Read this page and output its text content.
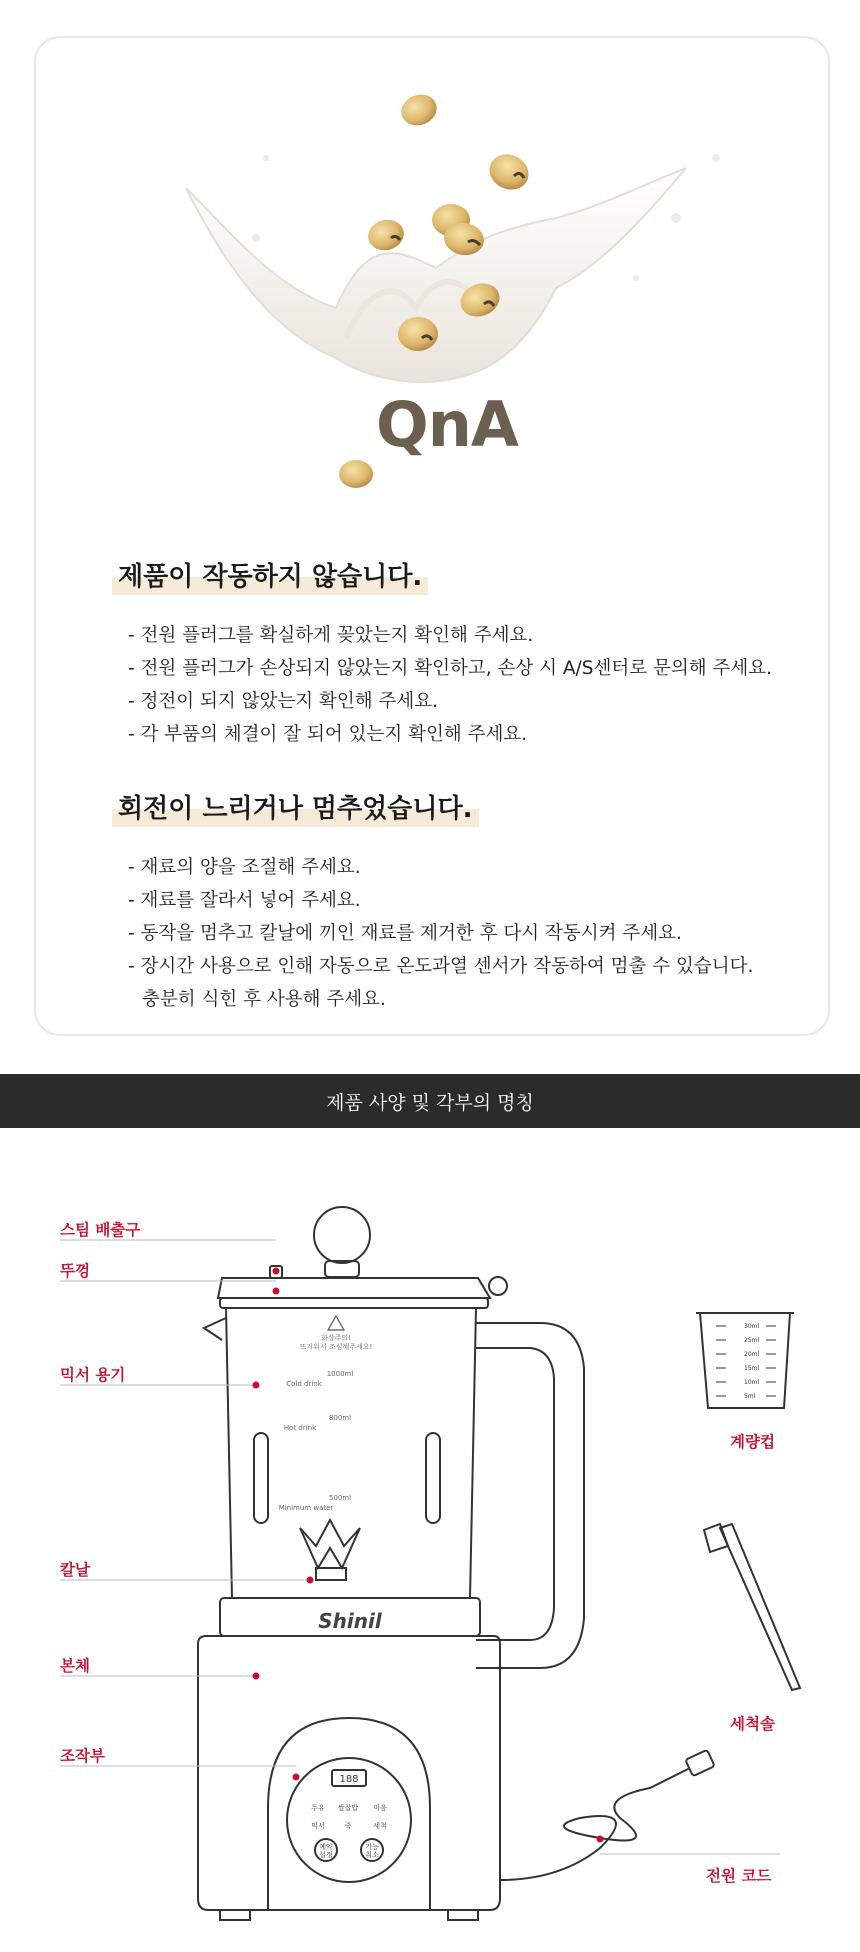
QnA
제품이 작동하지 않습니다.
- 전원 플러그를 확실하게 꽂았는지 확인해 주세요.
- 전원 플러그가 손상되지 않았는지 확인하고, 손상 시 A/S센터로 문의해 주세요.
- 정전이 되지 않았는지 확인해 주세요.
- 각 부품의 체결이 잘 되어 있는지 확인해 주세요.
회전이 느리거나 멈추었습니다.
- 재료의 양을 조절해 주세요.
- 재료를 잘라서 넣어 주세요.
- 동작을 멈추고 칼날에 끼인 재료를 제거한 후 다시 작동시켜 주세요.
- 장시간 사용으로 인해 자동으로 온도과열 센서가 작동하여 멈출 수 있습니다.
충분히 식힌 후 사용해 주세요.
제품 사양 및 각부의 명칭
30ml
25ml
20ml
15ml
10ml
5ml
화상주의!
뜨거워서 조심해주세요!
1000ml
Cold drink
800ml
Hot drink
500ml
Minimum water
Shinil
188
두유 쌀잡밥 미음
믹서	죽	세척
예약
설정
기능
취소
스팀 배출구
뚜껑
믹서 용기
칼날
본체
조작부
계량컵
세척솔
전원 코드
